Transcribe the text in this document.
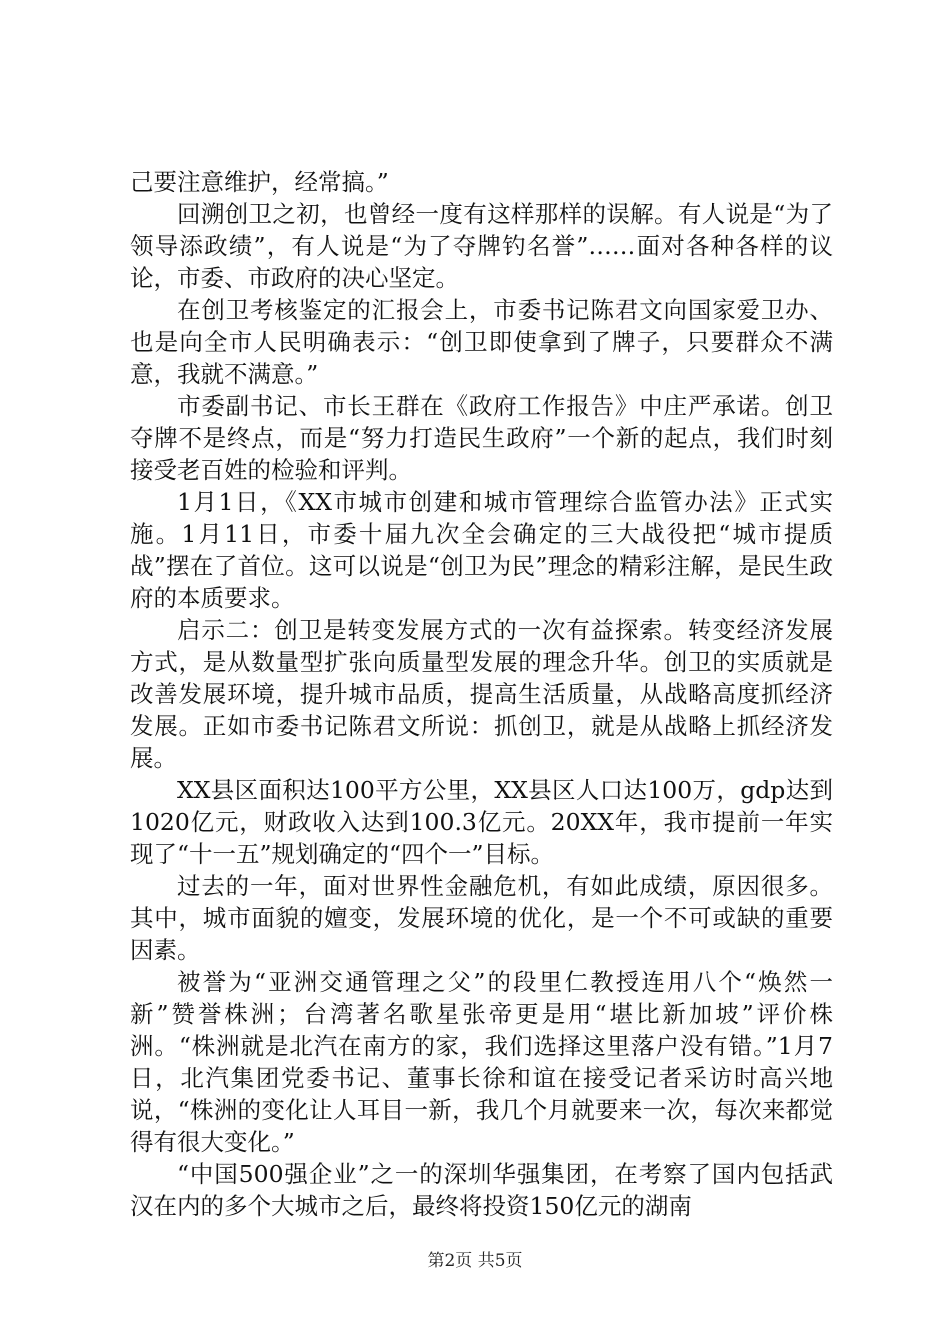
己要注意维护，经常搞。”

回溯创卫之初，也曾经一度有这样那样的误解。有人说是“为了领导添政绩”，有人说是“为了夺牌钓名誉”……面对各种各样的议论，市委、市政府的决心坚定。

在创卫考核鉴定的汇报会上，市委书记陈君文向国家爱卫办、也是向全市人民明确表示：“创卫即使拿到了牌子，只要群众不满意，我就不满意。”

市委副书记、市长王群在《政府工作报告》中庄严承诺。创卫夺牌不是终点，而是“努力打造民生政府”一个新的起点，我们时刻接受老百姓的检验和评判。

1月1日，《XX市城市创建和城市管理综合监管办法》正式实施。1月11日，市委十届九次全会确定的三大战役把“城市提质战”摆在了首位。这可以说是“创卫为民”理念的精彩注解，是民生政府的本质要求。

启示二：创卫是转变发展方式的一次有益探索。转变经济发展方式，是从数量型扩张向质量型发展的理念升华。创卫的实质就是改善发展环境，提升城市品质，提高生活质量，从战略高度抓经济发展。正如市委书记陈君文所说：抓创卫，就是从战略上抓经济发展。

XX县区面积达100平方公里，XX县区人口达100万，gdp达到1020亿元，财政收入达到100.3亿元。20XX年，我市提前一年实现了“十一五”规划确定的“四个一”目标。

过去的一年，面对世界性金融危机，有如此成绩，原因很多。其中，城市面貌的嬗变，发展环境的优化，是一个不可或缺的重要因素。

被誉为“亚洲交通管理之父”的段里仁教授连用八个“焕然一新”赞誉株洲；台湾著名歌星张帝更是用“堪比新加坡”评价株洲。“株洲就是北汽在南方的家，我们选择这里落户没有错。”1月7日，北汽集团党委书记、董事长徐和谊在接受记者采访时高兴地说，“株洲的变化让人耳目一新，我几个月就要来一次，每次来都觉得有很大变化。”

“中国500强企业”之一的深圳华强集团，在考察了国内包括武汉在内的多个大城市之后，最终将投资150亿元的湖南

第2页 共5页
